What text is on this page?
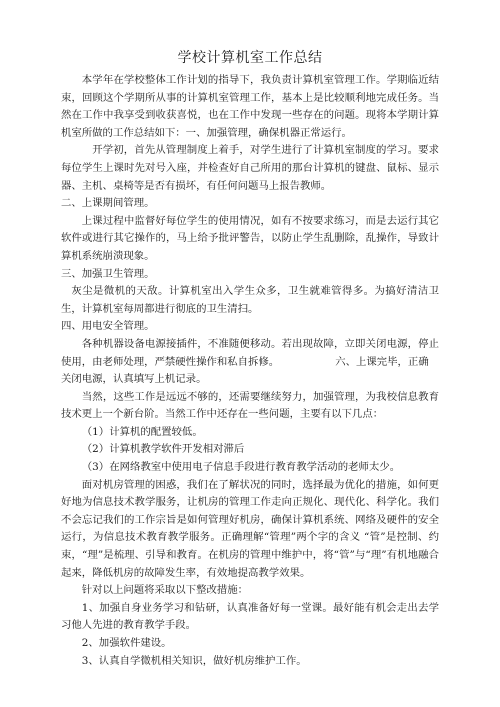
学校计算机室工作总结

本学年在学校整体工作计划的指导下，我负责计算机室管理工作。学期临近结束，回顾这个学期所从事的计算机室管理工作，基本上是比较顺利地完成任务。当然在工作中我享受到收获喜悦，也在工作中发现一些存在的问题。现将本学期计算机室所做的工作总结如下：一、加强管理，确保机器正常运行。

开学初，首先从管理制度上着手，对学生进行了计算机室制度的学习。要求每位学生上课时先对号入座，并检查好自己所用的那台计算机的键盘、鼠标、显示器、主机、桌椅等是否有损坏，有任何问题马上报告教师。

二、上课期间管理。

上课过程中监督好每位学生的使用情况，如有不按要求练习，而是去运行其它软件或进行其它操作的，马上给予批评警告，以防止学生乱删除，乱操作，导致计算机系统崩溃现象。

三、加强卫生管理。

灰尘是微机的天敌。计算机室出入学生众多，卫生就难管得多。为搞好清洁卫生，计算机室每周都进行彻底的卫生清扫。

四、用电安全管理。

各种机器设备电源接插件，不准随便移动。若出现故障，立即关闭电源，停止使用，由老师处理，严禁硬性操作和私自拆修。	六、上课完毕，正确

关闭电源，认真填写上机记录。

当然，这些工作是远远不够的，还需要继续努力，加强管理，为我校信息教育技术更上一个新台阶。当然工作中还存在一些问题，主要有以下几点：

（1）计算机的配置较低。

（2）计算机教学软件开发相对滞后

（3）在网络教室中使用电子信息手段进行教育教学活动的老师太少。

面对机房管理的困惑，我们在了解状况的同时，选择最为优化的措施，如何更好地为信息技术教学服务，让机房的管理工作走向正规化、现代化、科学化。我们不会忘记我们的工作宗旨是如何管理好机房，确保计算机系统、网络及硬件的安全运行，为信息技术教育教学服务。正确理解“管理”两个字的含义 “管”是控制、约束，“理”是梳理、引导和教育。在机房的管理中维护中，将“管”与“理”有机地融合起来，降低机房的故障发生率，有效地提高教学效果。

针对以上问题将采取以下整改措施：

1、加强自身业务学习和钻研，认真准备好每一堂课。最好能有机会走出去学习他人先进的教育教学手段。

2、加强软件建设。

3、认真自学微机相关知识，做好机房维护工作。
